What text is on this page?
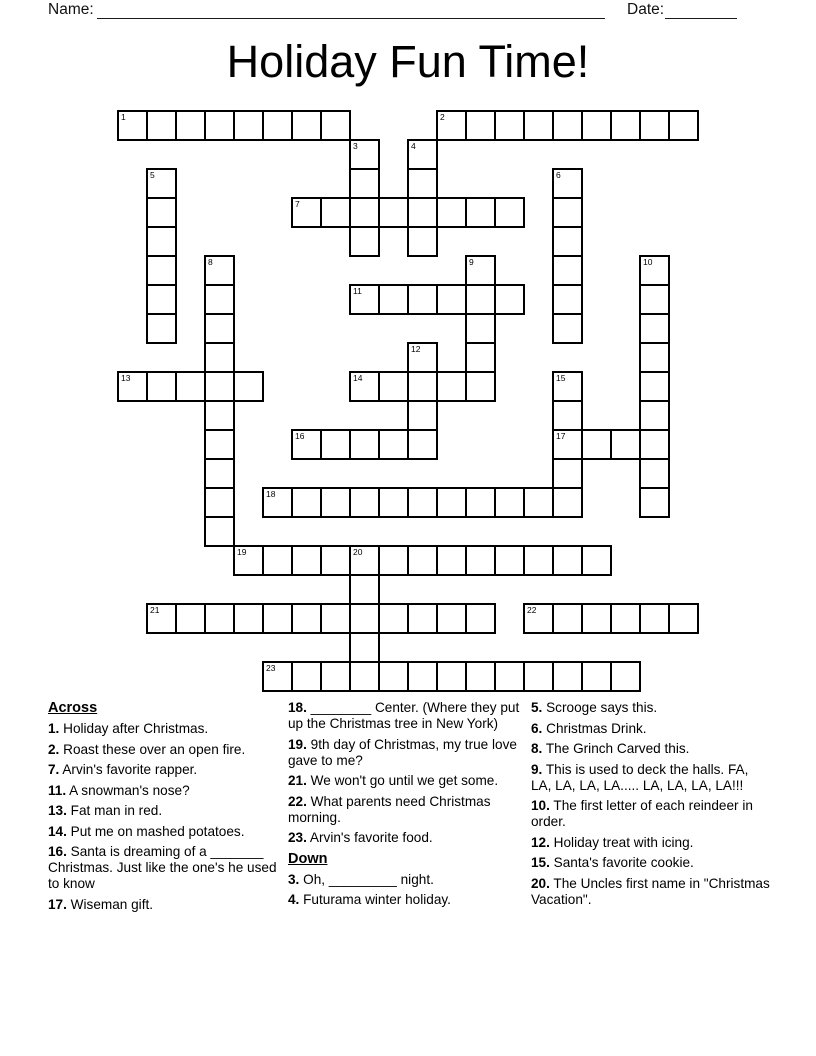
Name:	Date:
Holiday Fun Time!
1	2
3	4
5	6
7
8	9	10
11
12
13	14	15
17
16
18
19	20
21	22
23
Across

1. Holiday after Christmas.

2. Roast these over an open fire.

7. Arvin's favorite rapper.

11. A snowman's nose?

13. Fat man in red.

14. Put me on mashed potatoes.

16. Santa is dreaming of a _______ Christmas. Just like the one's he used to know

17. Wiseman gift.

18. ________ Center. (Where they put up the Christmas tree in New York)

19. 9th day of Christmas, my true love gave to me?

21. We won't go until we get some.

22. What parents need Christmas morning.

23. Arvin's favorite food.

Down

3. Oh, _________ night.

4. Futurama winter holiday.

5. Scrooge says this.

6. Christmas Drink.

8. The Grinch Carved this.

9. This is used to deck the halls. FA, LA, LA, LA, LA..... LA, LA, LA, LA!!!

10. The first letter of each reindeer in order.

12. Holiday treat with icing.

15. Santa's favorite cookie.

20. The Uncles first name in "Christmas Vacation".
